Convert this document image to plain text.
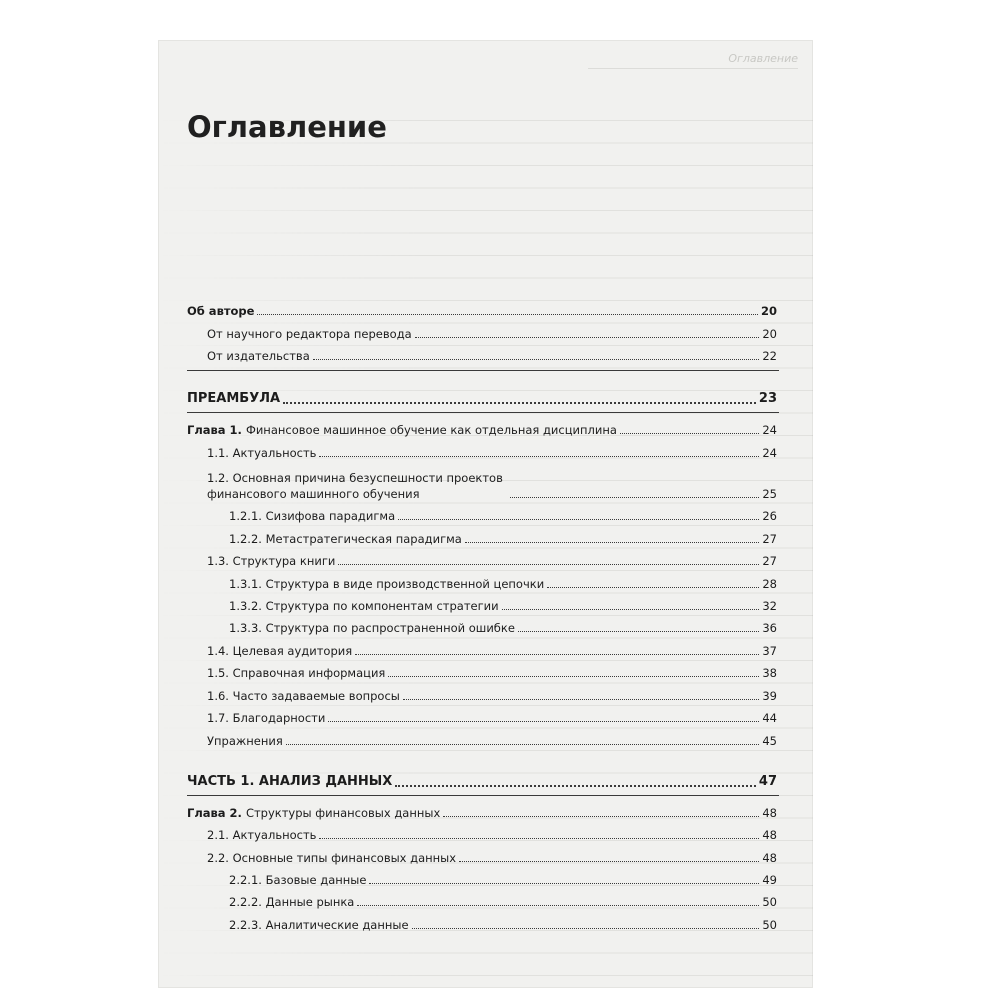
Оглавление
Оглавление
Об авторе	20
От научного редактора перевода	20
От издательства	22
ПРЕАМБУЛА	23
Глава 1. Финансовое машинное обучение как отдельная дисциплина	24
1.1. Актуальность	24
1.2. Основная причина безуспешности проектов финансового машинного обучения	25
1.2.1. Сизифова парадигма	26
1.2.2. Метастратегическая парадигма	27
1.3. Структура книги	27
1.3.1. Структура в виде производственной цепочки	28
1.3.2. Структура по компонентам стратегии	32
1.3.3. Структура по распространенной ошибке	36
1.4. Целевая аудитория	37
1.5. Справочная информация	38
1.6. Часто задаваемые вопросы	39
1.7. Благодарности	44
Упражнения	45
ЧАСТЬ 1. АНАЛИЗ ДАННЫХ	47
Глава 2. Структуры финансовых данных	48
2.1. Актуальность	48
2.2. Основные типы финансовых данных	48
2.2.1. Базовые данные	49
2.2.2. Данные рынка	50
2.2.3. Аналитические данные	50
